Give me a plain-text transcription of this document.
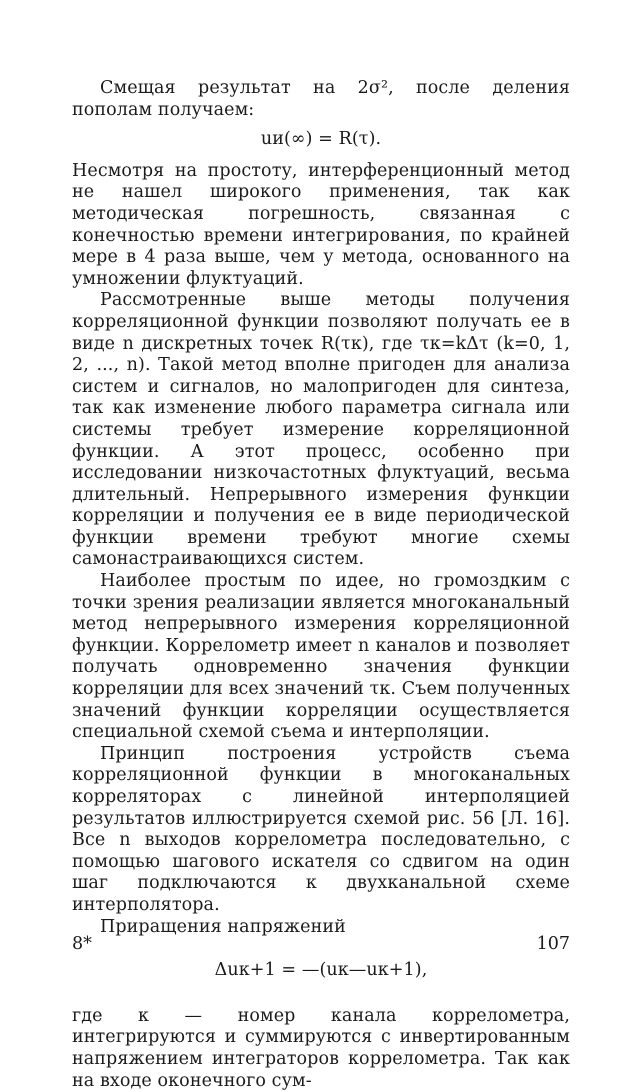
Смещая результат на 2σ², после деления пополам получаем:

uи(∞) = R(τ).

Несмотря на простоту, интерференционный метод не нашел широкого применения, так как методическая погрешность, связанная с конечностью времени интегрирования, по крайней мере в 4 раза выше, чем у метода, основанного на умножении флуктуаций.

Рассмотренные выше методы получения корреляционной функции позволяют получать ее в виде n дискретных точек R(τк), где τк=kΔτ (k=0, 1, 2, ..., n). Такой метод вполне пригоден для анализа систем и сигналов, но малопригоден для синтеза, так как изменение любого параметра сигнала или системы требует измерение корреляционной функции. А этот процесс, особенно при исследовании низкочастотных флуктуаций, весьма длительный. Непрерывного измерения функции корреляции и получения ее в виде периодической функции времени требуют многие схемы самонастраивающихся систем.

Наиболее простым по идее, но громоздким с точки зрения реализации является многоканальный метод непрерывного измерения корреляционной функции. Коррелометр имеет n каналов и позволяет получать одновременно значения функции корреляции для всех значений τк. Съем полученных значений функции корреляции осуществляется специальной схемой съема и интерполяции.

Принцип построения устройств съема корреляционной функции в многоканальных корреляторах с линейной интерполяцией результатов иллюстрируется схемой рис. 56 [Л. 16]. Все n выходов коррелометра последовательно, с помощью шагового искателя со сдвигом на один шаг подключаются к двухканальной схеме интерполятора.

Приращения напряжений

Δuк+1 = —(uк—uк+1),

где к — номер канала коррелометра, интегрируются и суммируются с инвертированным напряжением интеграторов коррелометра. Так как на входе оконечного сум-

8*	107
